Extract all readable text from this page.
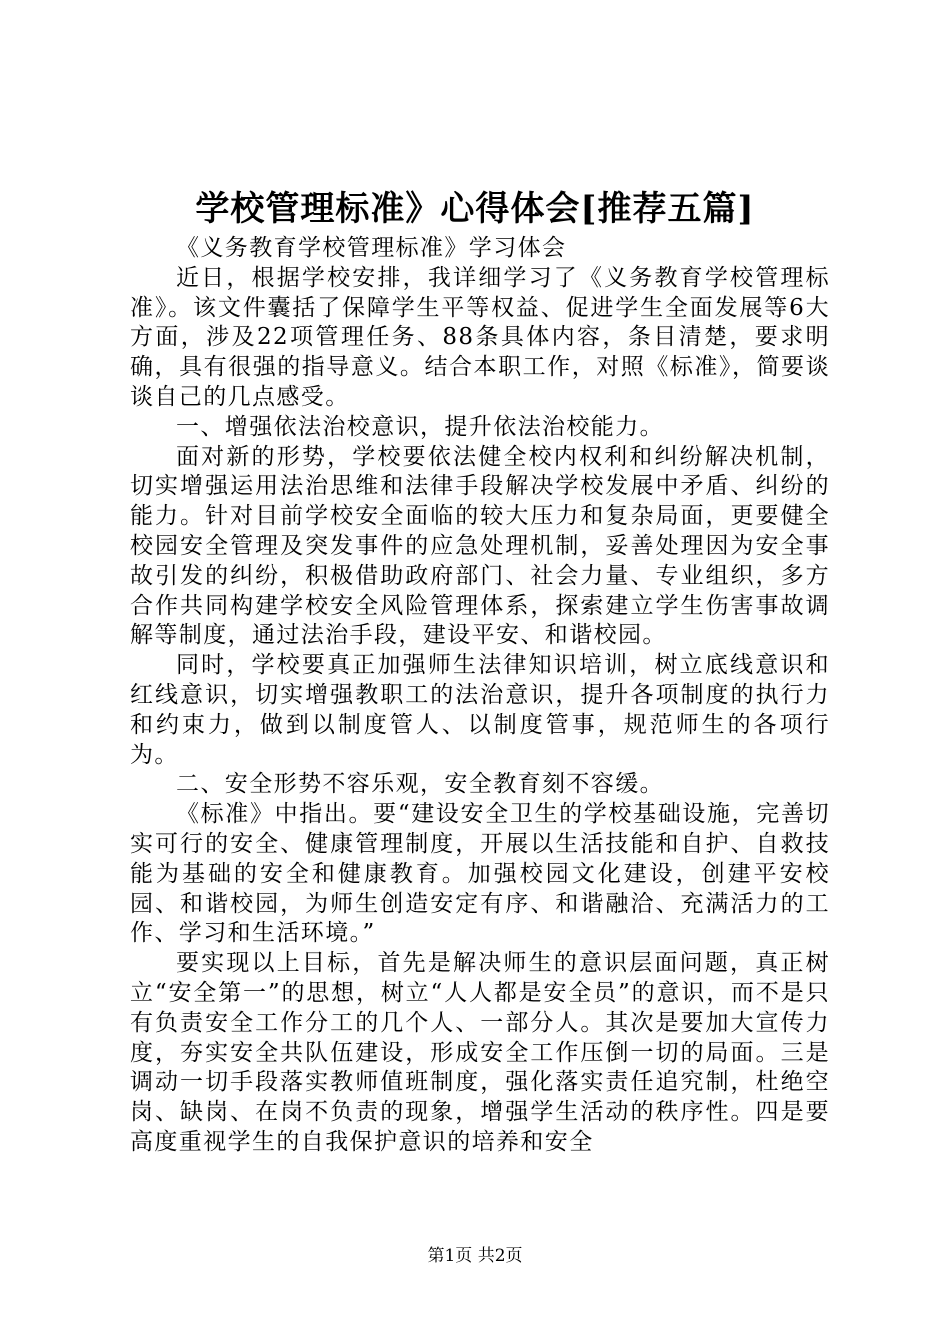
学校管理标准》心得体会[推荐五篇]

《义务教育学校管理标准》学习体会

近日，根据学校安排，我详细学习了《义务教育学校管理标准》。该文件囊括了保障学生平等权益、促进学生全面发展等6大方面，涉及22项管理任务、88条具体内容，条目清楚，要求明确，具有很强的指导意义。结合本职工作，对照《标准》，简要谈谈自己的几点感受。

一、增强依法治校意识，提升依法治校能力。

面对新的形势，学校要依法健全校内权利和纠纷解决机制，切实增强运用法治思维和法律手段解决学校发展中矛盾、纠纷的能力。针对目前学校安全面临的较大压力和复杂局面，更要健全校园安全管理及突发事件的应急处理机制，妥善处理因为安全事故引发的纠纷，积极借助政府部门、社会力量、专业组织，多方合作共同构建学校安全风险管理体系，探索建立学生伤害事故调解等制度，通过法治手段，建设平安、和谐校园。

同时，学校要真正加强师生法律知识培训，树立底线意识和红线意识，切实增强教职工的法治意识，提升各项制度的执行力和约束力，做到以制度管人、以制度管事，规范师生的各项行为。

二、安全形势不容乐观，安全教育刻不容缓。

《标准》中指出。要“建设安全卫生的学校基础设施，完善切实可行的安全、健康管理制度，开展以生活技能和自护、自救技能为基础的安全和健康教育。加强校园文化建设，创建平安校园、和谐校园，为师生创造安定有序、和谐融洽、充满活力的工作、学习和生活环境。”

要实现以上目标，首先是解决师生的意识层面问题，真正树立“安全第一”的思想，树立“人人都是安全员”的意识，而不是只有负责安全工作分工的几个人、一部分人。其次是要加大宣传力度，夯实安全共队伍建设，形成安全工作压倒一切的局面。三是调动一切手段落实教师值班制度，强化落实责任追究制，杜绝空岗、缺岗、在岗不负责的现象，增强学生活动的秩序性。四是要高度重视学生的自我保护意识的培养和安全

第1页 共2页
